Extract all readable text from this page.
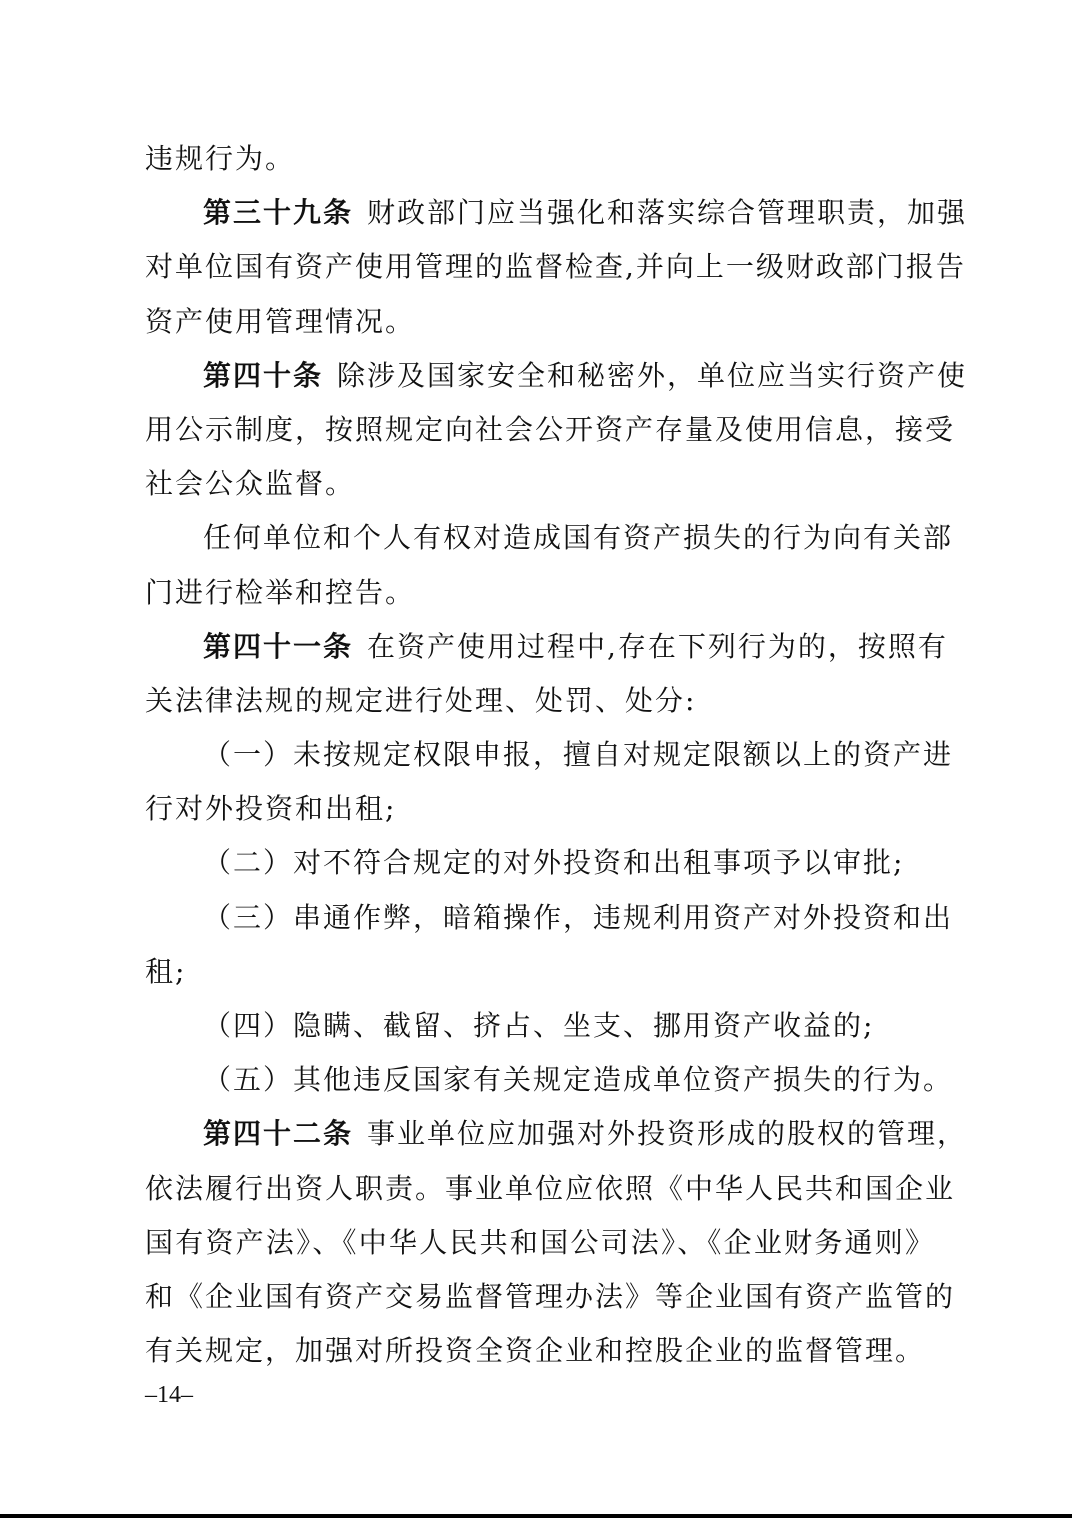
违规行为。
第三十九条 财政部门应当强化和落实综合管理职责，加强
对单位国有资产使用管理的监督检查,并向上一级财政部门报告
资产使用管理情况。
第四十条 除涉及国家安全和秘密外，单位应当实行资产使
用公示制度，按照规定向社会公开资产存量及使用信息，接受
社会公众监督。
任何单位和个人有权对造成国有资产损失的行为向有关部
门进行检举和控告。
第四十一条 在资产使用过程中,存在下列行为的，按照有
关法律法规的规定进行处理、处罚、处分:
（一）未按规定权限申报，擅自对规定限额以上的资产进
行对外投资和出租;
（二）对不符合规定的对外投资和出租事项予以审批;
（三）串通作弊，暗箱操作，违规利用资产对外投资和出
租;
（四）隐瞒、截留、挤占、坐支、挪用资产收益的;
（五）其他违反国家有关规定造成单位资产损失的行为。
第四十二条 事业单位应加强对外投资形成的股权的管理，
依法履行出资人职责。事业单位应依照《中华人民共和国企业
国有资产法》、《中华人民共和国公司法》、《企业财务通则》
和《企业国有资产交易监督管理办法》等企业国有资产监管的
有关规定，加强对所投资全资企业和控股企业的监督管理。
–14–
